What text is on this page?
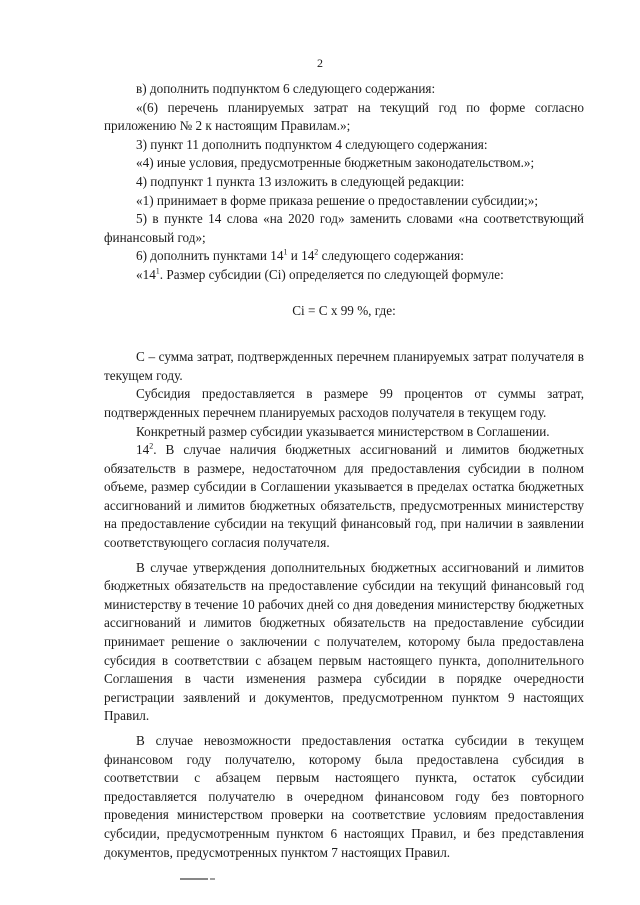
2

в) дополнить подпунктом 6 следующего содержания:

«(6) перечень планируемых затрат на текущий год по форме согласно приложению № 2 к настоящим Правилам.»;

3) пункт 11 дополнить подпунктом 4 следующего содержания:

«4) иные условия, предусмотренные бюджетным законодательством.»;

4) подпункт 1 пункта 13 изложить в следующей редакции:

«1) принимает в форме приказа решение о предоставлении субсидии;»;

5) в пункте 14 слова «на 2020 год» заменить словами «на соответствующий финансовый год»;

6) дополнить пунктами $14^1$ и $14^2$ следующего содержания:

«$14^1$. Размер субсидии (Ci) определяется по следующей формуле:

Ci = C x 99 %, где:

C – сумма затрат, подтвержденных перечнем планируемых затрат получателя в текущем году.

Субсидия предоставляется в размере 99 процентов от суммы затрат, подтвержденных перечнем планируемых расходов получателя в текущем году.

Конкретный размер субсидии указывается министерством в Соглашении.

$14^2$. В случае наличия бюджетных ассигнований и лимитов бюджетных обязательств в размере, недостаточном для предоставления субсидии в полном объеме, размер субсидии в Соглашении указывается в пределах остатка бюджетных ассигнований и лимитов бюджетных обязательств, предусмотренных министерству на предоставление субсидии на текущий финансовый год, при наличии в заявлении соответствующего согласия получателя.

В случае утверждения дополнительных бюджетных ассигнований и лимитов бюджетных обязательств на предоставление субсидии на текущий финансовый год министерству в течение 10 рабочих дней со дня доведения министерству бюджетных ассигнований и лимитов бюджетных обязательств на предоставление субсидии принимает решение о заключении с получателем, которому была предоставлена субсидия в соответствии с абзацем первым настоящего пункта, дополнительного Соглашения в части изменения размера субсидии в порядке очередности регистрации заявлений и документов, предусмотренном пунктом 9 настоящих Правил.

В случае невозможности предоставления остатка субсидии в текущем финансовом году получателю, которому была предоставлена субсидия в соответствии с абзацем первым настоящего пункта, остаток субсидии предоставляется получателю в очередном финансовом году без повторного проведения министерством проверки на соответствие условиям предоставления субсидии, предусмотренным пунктом 6 настоящих Правил, и без представления документов, предусмотренных пунктом 7 настоящих Правил.
